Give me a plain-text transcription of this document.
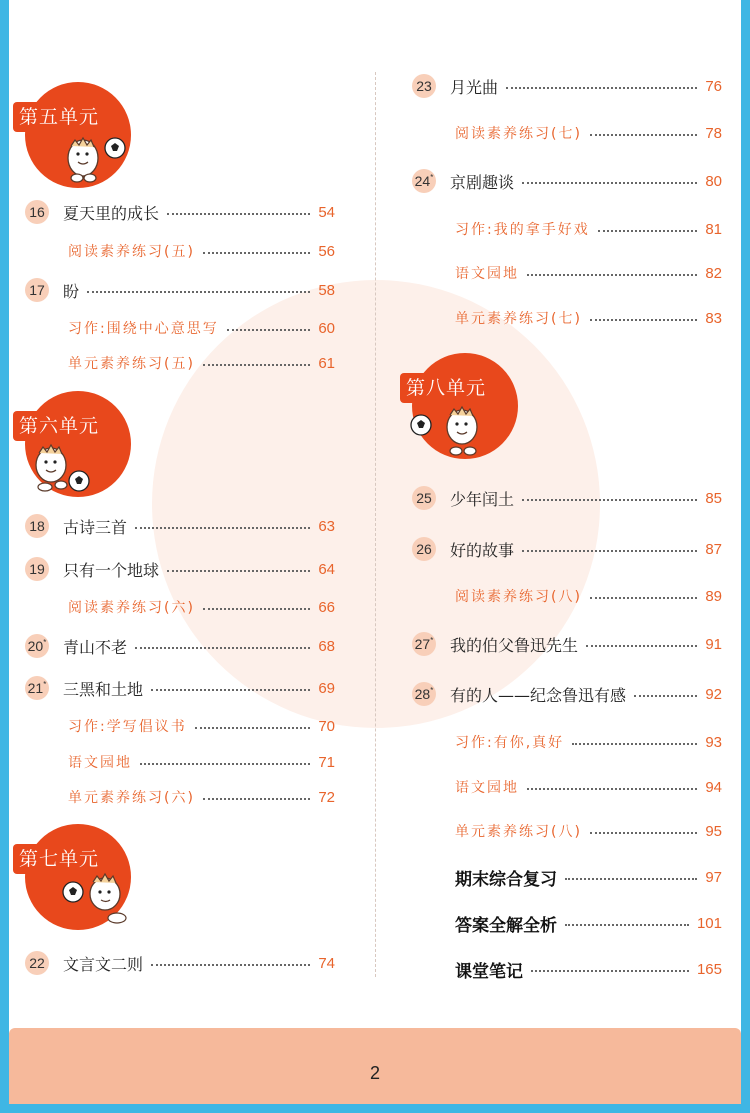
第五单元
第六单元
第七单元
第八单元
16 夏天里的成长	54
阅读素养练习(五)	56
17 盼	58
习作:围绕中心意思写	60
单元素养练习(五)	61
18 古诗三首	63
19 只有一个地球	64
阅读素养练习(六)	66
20* 青山不老	68
21* 三黑和土地	69
习作:学写倡议书	70
语文园地	71
单元素养练习(六)	72
22 文言文二则	74
23 月光曲	76
阅读素养练习(七)	78
24* 京剧趣谈	80
习作:我的拿手好戏	81
语文园地	82
单元素养练习(七)	83
25 少年闰土	85
26 好的故事	87
阅读素养练习(八)	89
27* 我的伯父鲁迅先生	91
28* 有的人——纪念鲁迅有感	92
习作:有你,真好	93
语文园地	94
单元素养练习(八)	95
期末综合复习	97
答案全解全析	101
课堂笔记	165
2
